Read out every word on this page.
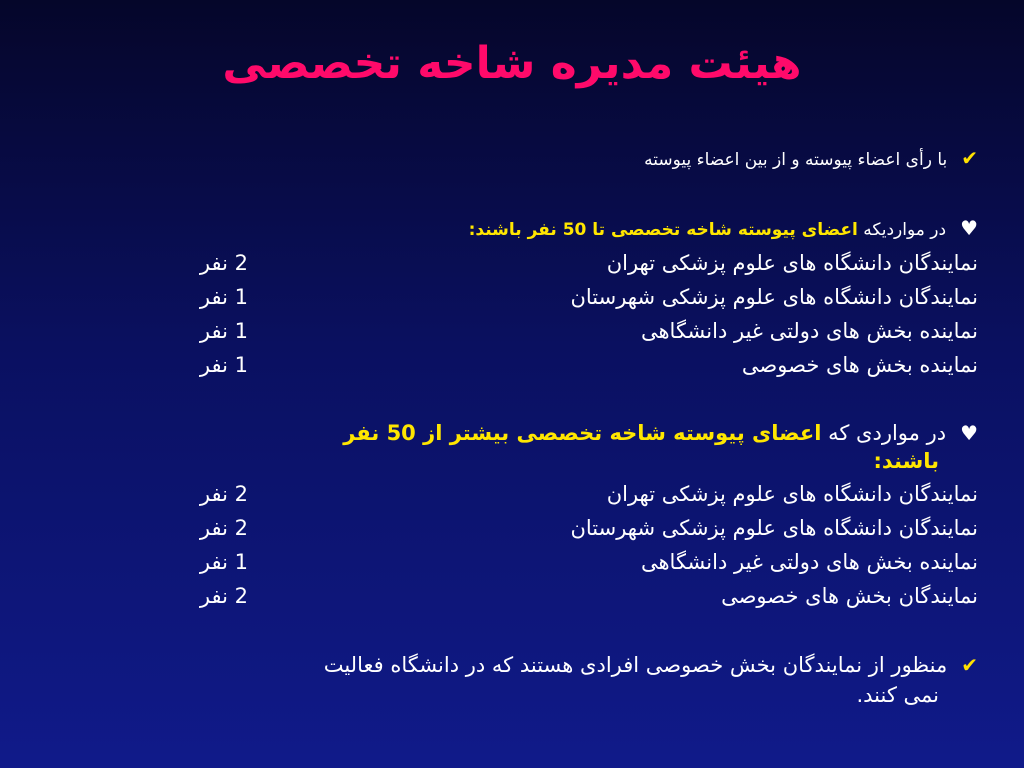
هیئت مدیره شاخه تخصصی
✔با رأی اعضاء پیوسته و از بین اعضاء پیوسته
♥در مواردیکه اعضای پیوسته شاخه تخصصی تا 50 نفر باشند:
نمایندگان دانشگاه های علوم پزشکی تهران
2 نفر
نمایندگان دانشگاه های علوم پزشکی شهرستان
1 نفر
نماینده بخش های دولتی غیر دانشگاهی
1 نفر
نماینده بخش های خصوصی
1 نفر
♥در مواردی که اعضای پیوسته شاخه تخصصی بیشتر از 50 نفر
باشند:
نمایندگان دانشگاه های علوم پزشکی تهران
2 نفر
نمایندگان دانشگاه های علوم پزشکی شهرستان
2 نفر
نماینده بخش های دولتی غیر دانشگاهی
1 نفر
نمایندگان بخش های خصوصی
2 نفر
✔منظور از نمایندگان بخش خصوصی افرادی هستند که در دانشگاه فعالیت
نمی کنند.
